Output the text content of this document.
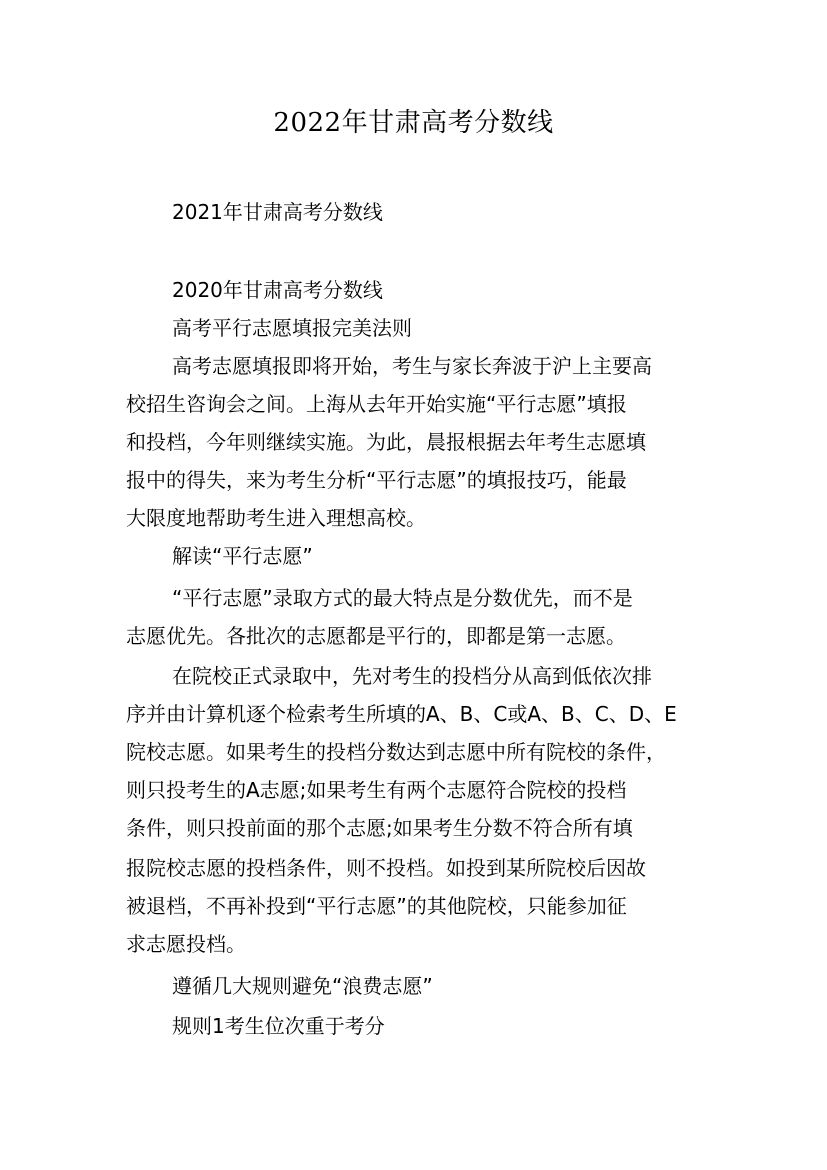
2022年甘肃高考分数线

2021年甘肃高考分数线

2020年甘肃高考分数线

高考平行志愿填报完美法则

高考志愿填报即将开始，考生与家长奔波于沪上主要高

校招生咨询会之间。上海从去年开始实施“平行志愿”填报

和投档，今年则继续实施。为此，晨报根据去年考生志愿填

报中的得失，来为考生分析“平行志愿”的填报技巧，能最

大限度地帮助考生进入理想高校。

解读“平行志愿”

“平行志愿”录取方式的最大特点是分数优先，而不是

志愿优先。各批次的志愿都是平行的，即都是第一志愿。

在院校正式录取中，先对考生的投档分从高到低依次排

序并由计算机逐个检索考生所填的A、B、C或A、B、C、D、E

院校志愿。如果考生的投档分数达到志愿中所有院校的条件，

则只投考生的A志愿;如果考生有两个志愿符合院校的投档

条件，则只投前面的那个志愿;如果考生分数不符合所有填

报院校志愿的投档条件，则不投档。如投到某所院校后因故

被退档，不再补投到“平行志愿”的其他院校，只能参加征

求志愿投档。

遵循几大规则避免“浪费志愿”

规则1考生位次重于考分
